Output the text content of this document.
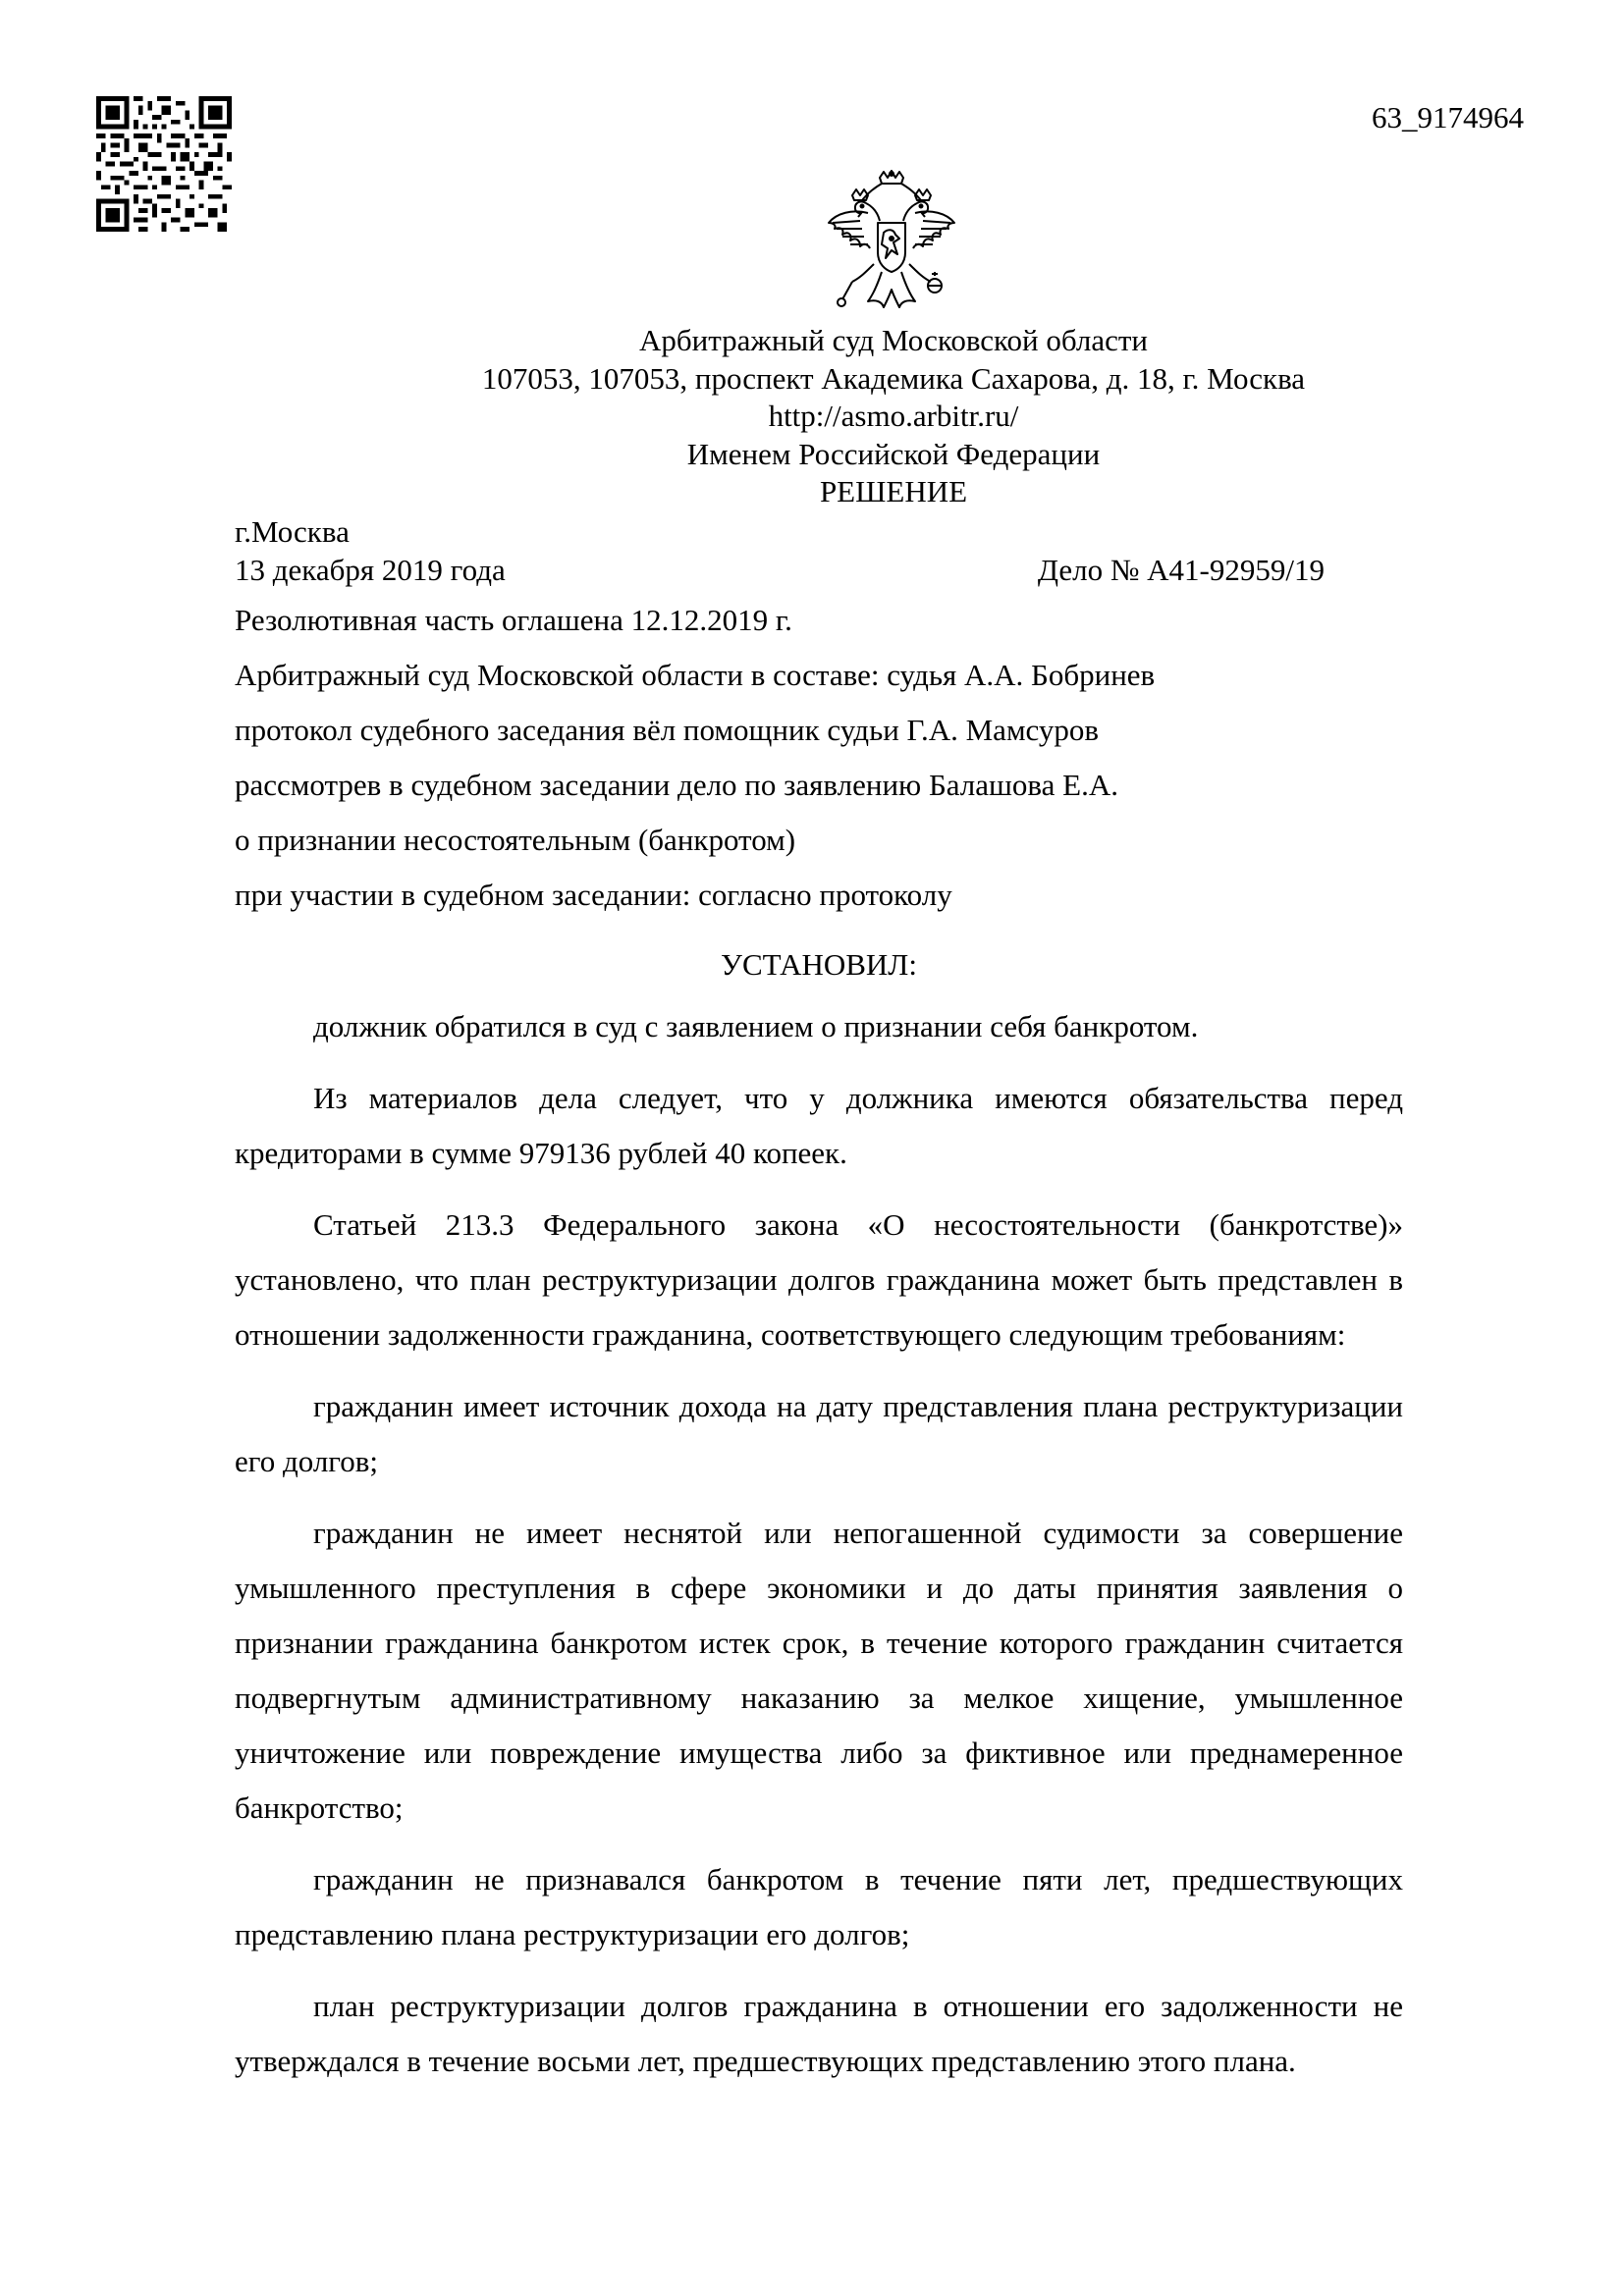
63_9174964
Арбитражный суд Московской области
107053, 107053, проспект Академика Сахарова, д. 18, г. Москва
http://asmo.arbitr.ru/
Именем Российской Федерации
РЕШЕНИЕ
г.Москва
13 декабря 2019 года	Дело № А41-92959/19

Резолютивная часть оглашена 12.12.2019 г.

Арбитражный суд Московской области в составе: судья А.А. Бобринев

протокол судебного заседания вёл помощник судьи Г.А. Мамсуров

рассмотрев в судебном заседании дело по заявлению Балашова Е.А.

о признании несостоятельным (банкротом)

при участии в судебном заседании: согласно протоколу

УСТАНОВИЛ:

должник обратился в суд с заявлением о признании себя банкротом.

Из материалов дела следует, что у должника имеются обязательства перед кредиторами в сумме 979136 рублей 40 копеек.

Статьей 213.3 Федерального закона «О несостоятельности (банкротстве)» установлено, что план реструктуризации долгов гражданина может быть представлен в отношении задолженности гражданина, соответствующего следующим требованиям:

гражданин имеет источник дохода на дату представления плана реструктуризации его долгов;

гражданин не имеет неснятой или непогашенной судимости за совершение умышленного преступления в сфере экономики и до даты принятия заявления о признании гражданина банкротом истек срок, в течение которого гражданин считается подвергнутым административному наказанию за мелкое хищение, умышленное уничтожение или повреждение имущества либо за фиктивное или преднамеренное банкротство;

гражданин не признавался банкротом в течение пяти лет, предшествующих представлению плана реструктуризации его долгов;

план реструктуризации долгов гражданина в отношении его задолженности не утверждался в течение восьми лет, предшествующих представлению этого плана.
